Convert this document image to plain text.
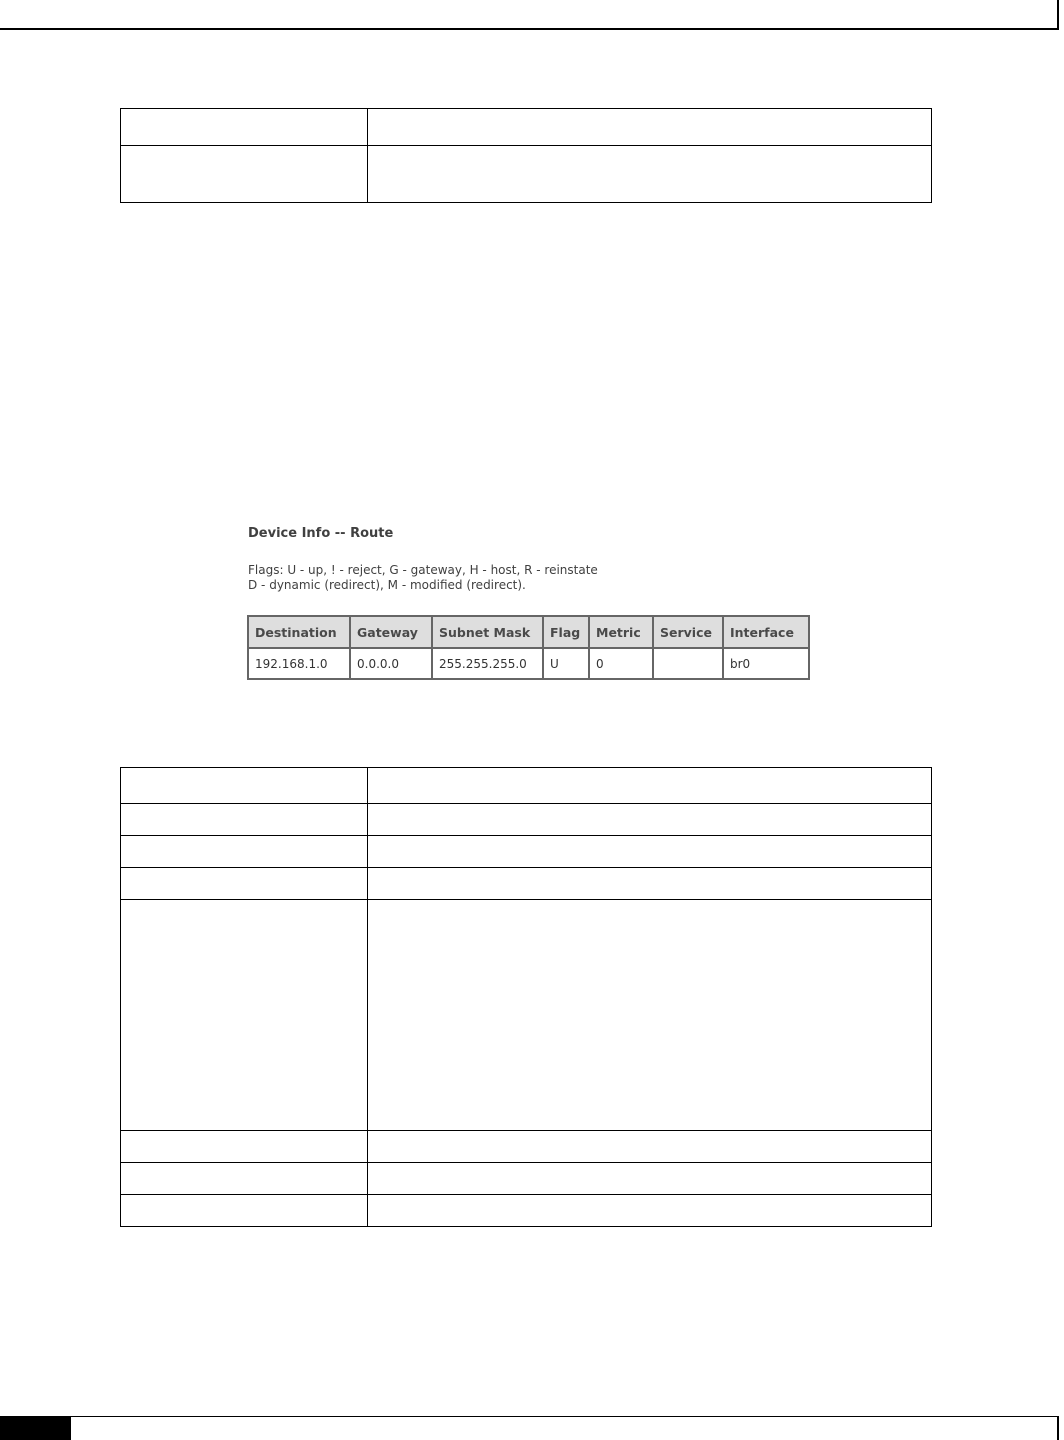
Device Info -- Route
Flags: U - up, ! - reject, G - gateway, H - host, R - reinstate
D - dynamic (redirect), M - modified (redirect).
Destination	Gateway	Subnet Mask	Flag	Metric	Service	Interface
192.168.1.0	0.0.0.0	255.255.255.0	U	0		br0
